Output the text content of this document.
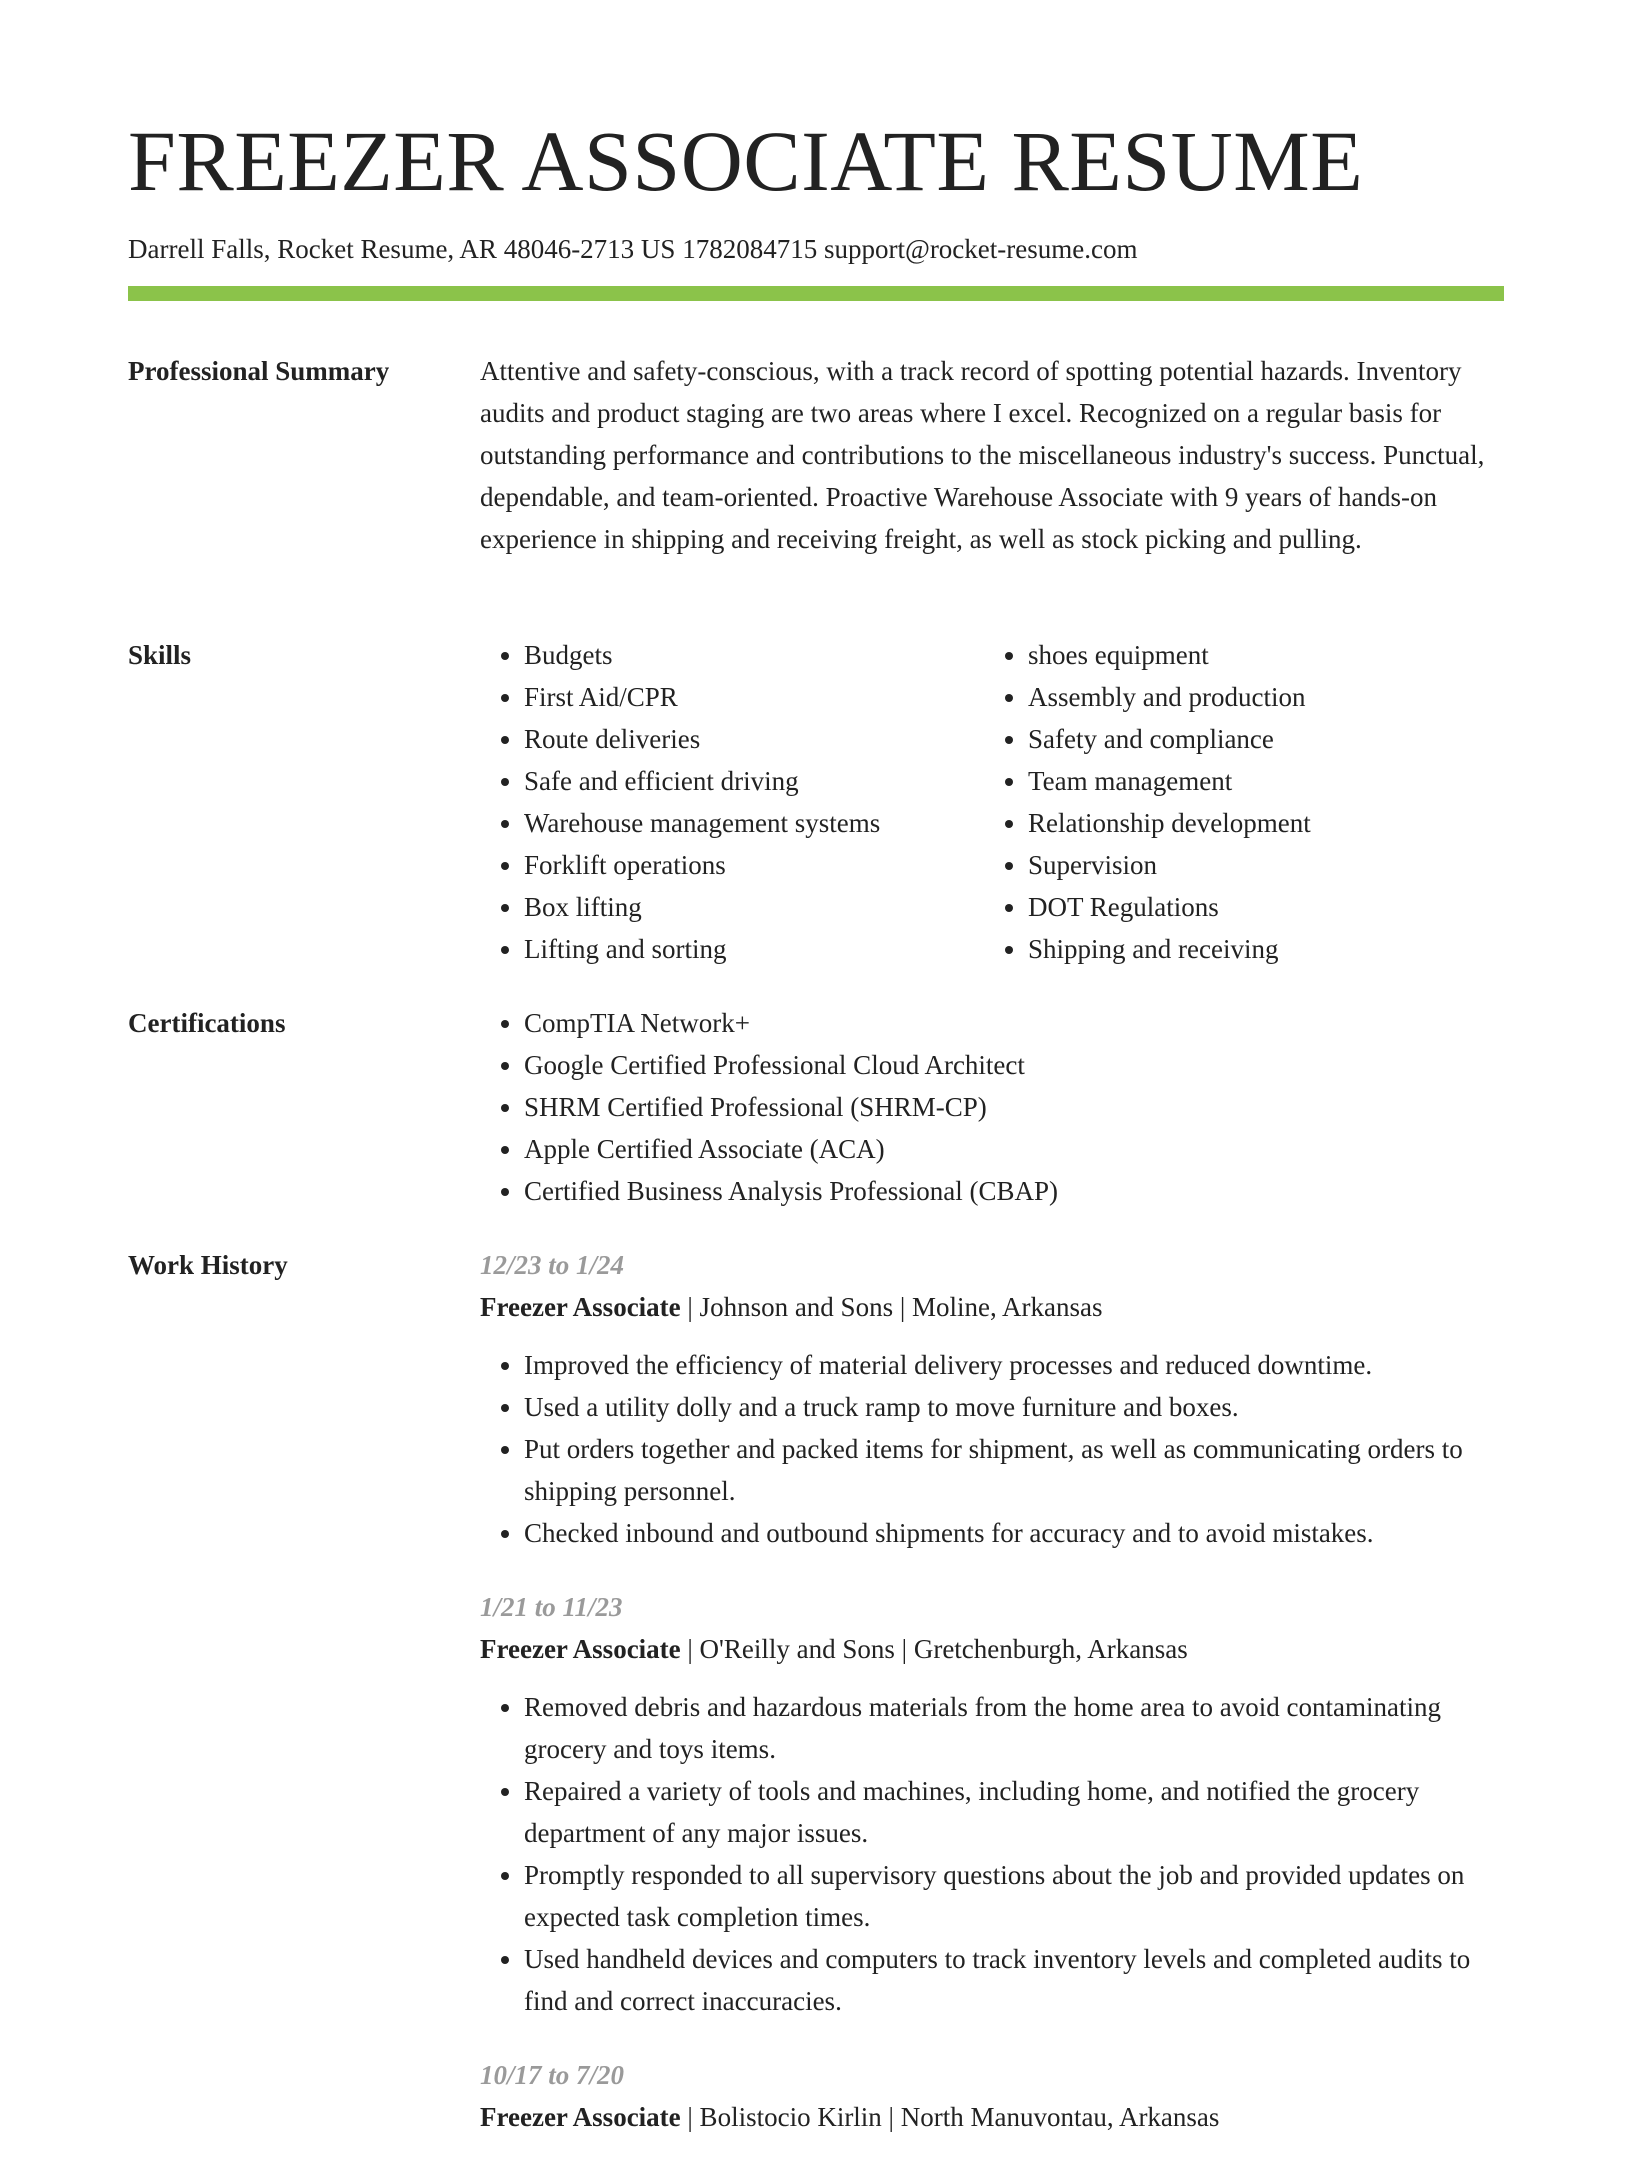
FREEZER ASSOCIATE RESUME
Darrell Falls, Rocket Resume, AR 48046-2713 US 1782084715 support@rocket-resume.com
Professional Summary	Attentive and safety-conscious, with a track record of spotting potential hazards. Inventory audits and product staging are two areas where I excel. Recognized on a regular basis for outstanding performance and contributions to the miscellaneous industry's success. Punctual, dependable, and team-oriented. Proactive Warehouse Associate with 9 years of hands-on experience in shipping and receiving freight, as well as stock picking and pulling.

Skills	• Budgets
• First Aid/CPR
• Route deliveries
• Safe and efficient driving
• Warehouse management systems
• Forklift operations
• Box lifting
• Lifting and sorting
• shoes equipment
• Assembly and production
• Safety and compliance
• Team management
• Relationship development
• Supervision
• DOT Regulations
• Shipping and receiving
Certifications	• CompTIA Network+
• Google Certified Professional Cloud Architect
• SHRM Certified Professional (SHRM-CP)
• Apple Certified Associate (ACA)
• Certified Business Analysis Professional (CBAP)
Work History	12/23 to 1/24
Freezer Associate | Johnson and Sons | Moline, Arkansas
• Improved the efficiency of material delivery processes and reduced downtime.
• Used a utility dolly and a truck ramp to move furniture and boxes.
• Put orders together and packed items for shipment, as well as communicating orders to shipping personnel.
• Checked inbound and outbound shipments for accuracy and to avoid mistakes.
1/21 to 11/23
Freezer Associate | O'Reilly and Sons | Gretchenburgh, Arkansas
• Removed debris and hazardous materials from the home area to avoid contaminating grocery and toys items.
• Repaired a variety of tools and machines, including home, and notified the grocery department of any major issues.
• Promptly responded to all supervisory questions about the job and provided updates on expected task completion times.
• Used handheld devices and computers to track inventory levels and completed audits to find and correct inaccuracies.
10/17 to 7/20
Freezer Associate | Bolistocio Kirlin | North Manuvontau, Arkansas
